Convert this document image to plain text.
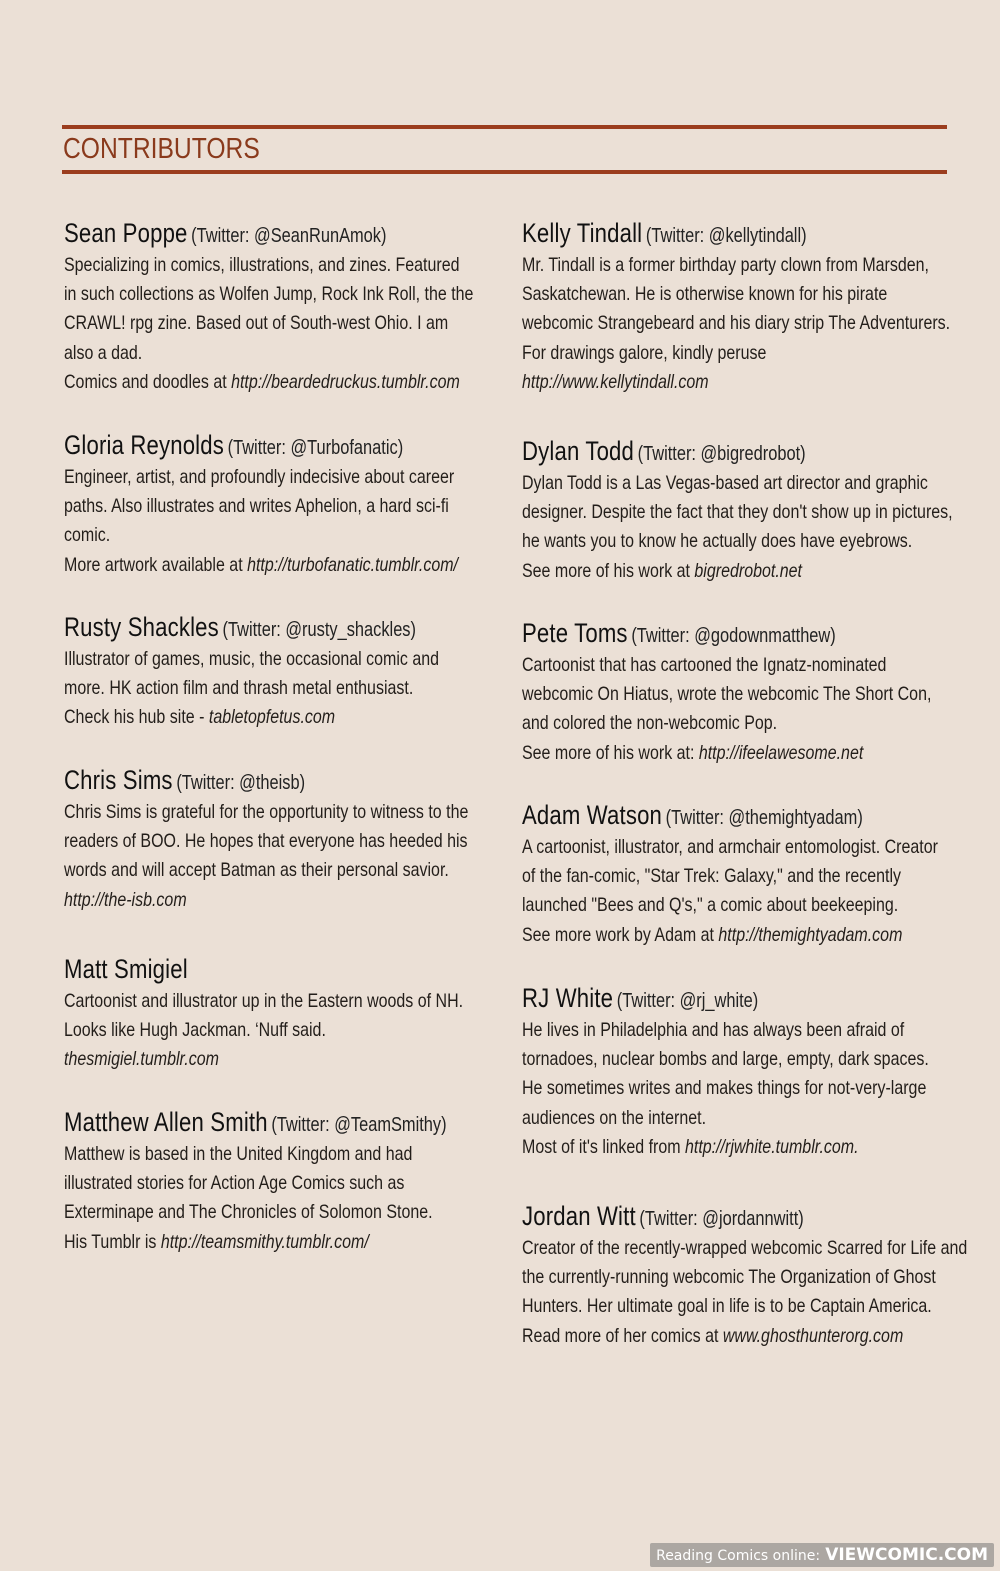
CONTRIBUTORS
Sean Poppe (Twitter: @SeanRunAmok)
Specializing in comics, illustrations, and zines. Featured
in such collections as Wolfen Jump, Rock Ink Roll, the the
CRAWL! rpg zine. Based out of South-west Ohio. I am
also a dad.
Comics and doodles at http://beardedruckus.tumblr.com
Gloria Reynolds (Twitter: @Turbofanatic)
Engineer, artist, and profoundly indecisive about career
paths. Also illustrates and writes Aphelion, a hard sci-fi
comic.
More artwork available at http://turbofanatic.tumblr.com/
Rusty Shackles (Twitter: @rusty_shackles)
Illustrator of games, music, the occasional comic and
more. HK action film and thrash metal enthusiast.
Check his hub site - tabletopfetus.com
Chris Sims (Twitter: @theisb)
Chris Sims is grateful for the opportunity to witness to the
readers of BOO. He hopes that everyone has heeded his
words and will accept Batman as their personal savior.
http://the-isb.com
Matt Smigiel
Cartoonist and illustrator up in the Eastern woods of NH.
Looks like Hugh Jackman. ‘Nuff said.
thesmigiel.tumblr.com
Matthew Allen Smith (Twitter: @TeamSmithy)
Matthew is based in the United Kingdom and had
illustrated stories for Action Age Comics such as
Exterminape and The Chronicles of Solomon Stone.
His Tumblr is http://teamsmithy.tumblr.com/
Kelly Tindall (Twitter: @kellytindall)
Mr. Tindall is a former birthday party clown from Marsden,
Saskatchewan. He is otherwise known for his pirate
webcomic Strangebeard and his diary strip The Adventurers.
For drawings galore, kindly peruse
http://www.kellytindall.com
Dylan Todd (Twitter: @bigredrobot)
Dylan Todd is a Las Vegas-based art director and graphic
designer. Despite the fact that they don't show up in pictures,
he wants you to know he actually does have eyebrows.
See more of his work at bigredrobot.net
Pete Toms (Twitter: @godownmatthew)
Cartoonist that has cartooned the Ignatz-nominated
webcomic On Hiatus, wrote the webcomic The Short Con,
and colored the non-webcomic Pop.
See more of his work at: http://ifeelawesome.net
Adam Watson (Twitter: @themightyadam)
A cartoonist, illustrator, and armchair entomologist. Creator
of the fan-comic, "Star Trek: Galaxy," and the recently
launched "Bees and Q's," a comic about beekeeping.
See more work by Adam at http://themightyadam.com
RJ White (Twitter: @rj_white)
He lives in Philadelphia and has always been afraid of
tornadoes, nuclear bombs and large, empty, dark spaces.
He sometimes writes and makes things for not-very-large
audiences on the internet.
Most of it's linked from http://rjwhite.tumblr.com.
Jordan Witt (Twitter: @jordannwitt)
Creator of the recently-wrapped webcomic Scarred for Life and
the currently-running webcomic The Organization of Ghost
Hunters. Her ultimate goal in life is to be Captain America.
Read more of her comics at www.ghosthunterorg.com
Reading Comics online: VIEWCOMIC.COM
